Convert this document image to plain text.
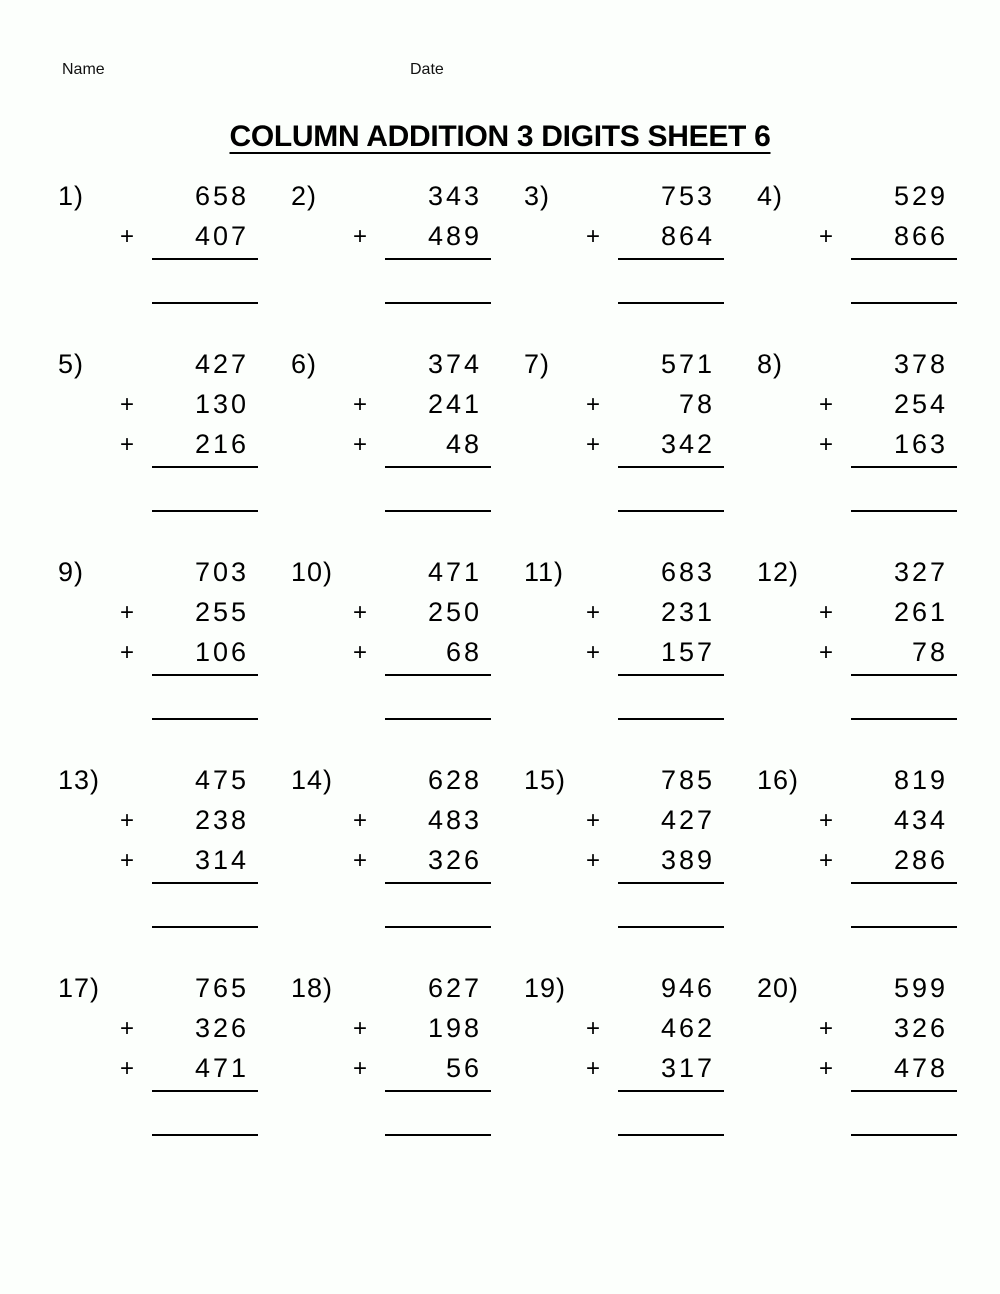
Name	Date
COLUMN ADDITION 3 DIGITS SHEET 6
1)	658
+ 407
2)	343
+ 489
3)	753
+ 864
4)	529
+ 866
5)	427
+ 130
+ 216
6)	374
+ 241
+	48
7)	571
+	78
+ 342
8)	378
+ 254
+ 163
9)	703
+ 255
+ 106
10)	471
+ 250
+	68
11)	683
+ 231
+ 157
12)	327
+ 261
+	78
13)	475
+ 238
+ 314
14)	628
+ 483
+ 326
15)	785
+ 427
+ 389
16)	819
+ 434
+ 286
17)	765
+ 326
+ 471
18)	627
+ 198
+	56
19)	946
+ 462
+ 317
20)	599
+ 326
+ 478
